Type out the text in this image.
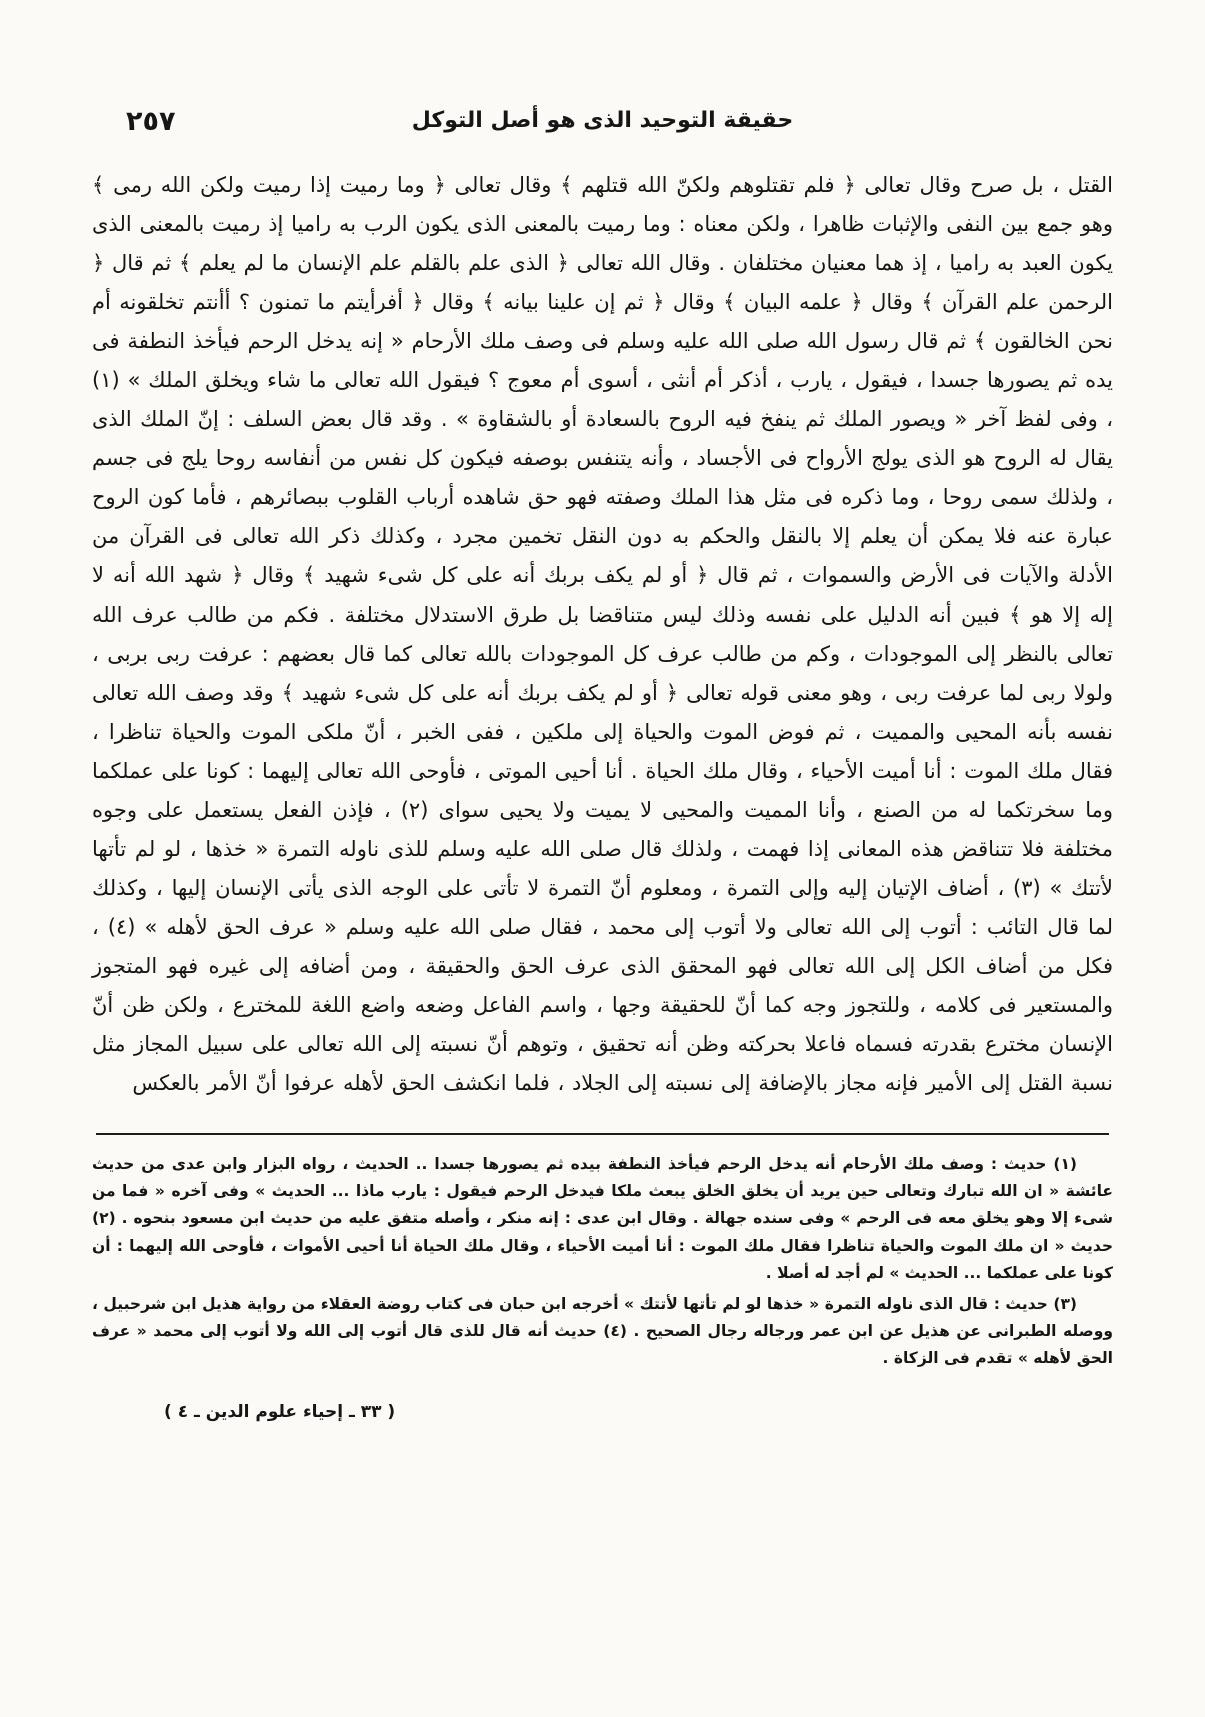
٢٥٧	حقيقة التوحيد الذى هو أصل التوكل
القتل ، بل صرح وقال تعالى ﴿ فلم تقتلوهم ولكنّ الله قتلهم ﴾ وقال تعالى ﴿ وما رميت إذا رميت ولكن الله رمى ﴾ وهو جمع بين النفى والإثبات ظاهرا ، ولكن معناه : وما رميت بالمعنى الذى يكون الرب به راميا إذ رميت بالمعنى الذى يكون العبد به راميا ، إذ هما معنيان مختلفان . وقال الله تعالى ﴿ الذى علم بالقلم علم الإنسان ما لم يعلم ﴾ ثم قال ﴿ الرحمن علم القرآن ﴾ وقال ﴿ علمه البيان ﴾ وقال ﴿ ثم إن علينا بيانه ﴾ وقال ﴿ أفرأيتم ما تمنون ؟ أأنتم تخلقونه أم نحن الخالقون ﴾ ثم قال رسول الله صلى الله عليه وسلم فى وصف ملك الأرحام « إنه يدخل الرحم فيأخذ النطفة فى يده ثم يصورها جسدا ، فيقول ، يارب ، أذكر أم أنثى ، أسوى أم معوج ؟ فيقول الله تعالى ما شاء ويخلق الملك » (١) ، وفى لفظ آخر « ويصور الملك ثم ينفخ فيه الروح بالسعادة أو بالشقاوة » . وقد قال بعض السلف : إنّ الملك الذى يقال له الروح هو الذى يولج الأرواح فى الأجساد ، وأنه يتنفس بوصفه فيكون كل نفس من أنفاسه روحا يلج فى جسم ، ولذلك سمى روحا ، وما ذكره فى مثل هذا الملك وصفته فهو حق شاهده أرباب القلوب ببصائرهم ، فأما كون الروح عبارة عنه فلا يمكن أن يعلم إلا بالنقل والحكم به دون النقل تخمين مجرد ، وكذلك ذكر الله تعالى فى القرآن من الأدلة والآيات فى الأرض والسموات ، ثم قال ﴿ أو لم يكف بربك أنه على كل شىء شهيد ﴾ وقال ﴿ شهد الله أنه لا إله إلا هو ﴾ فبين أنه الدليل على نفسه وذلك ليس متناقضا بل طرق الاستدلال مختلفة . فكم من طالب عرف الله تعالى بالنظر إلى الموجودات ، وكم من طالب عرف كل الموجودات بالله تعالى كما قال بعضهم : عرفت ربى بربى ، ولولا ربى لما عرفت ربى ، وهو معنى قوله تعالى ﴿ أو لم يكف بربك أنه على كل شىء شهيد ﴾ وقد وصف الله تعالى نفسه بأنه المحيى والمميت ، ثم فوض الموت والحياة إلى ملكين ، ففى الخبر ، أنّ ملكى الموت والحياة تناظرا ، فقال ملك الموت : أنا أميت الأحياء ، وقال ملك الحياة . أنا أحيى الموتى ، فأوحى الله تعالى إليهما : كونا على عملكما وما سخرتكما له من الصنع ، وأنا المميت والمحيى لا يميت ولا يحيى سواى (٢) ، فإذن الفعل يستعمل على وجوه مختلفة فلا تتناقض هذه المعانى إذا فهمت ، ولذلك قال صلى الله عليه وسلم للذى ناوله التمرة « خذها ، لو لم تأتها لأتتك » (٣) ، أضاف الإتيان إليه وإلى التمرة ، ومعلوم أنّ التمرة لا تأتى على الوجه الذى يأتى الإنسان إليها ، وكذلك لما قال التائب : أتوب إلى الله تعالى ولا أتوب إلى محمد ، فقال صلى الله عليه وسلم « عرف الحق لأهله » (٤) ، فكل من أضاف الكل إلى الله تعالى فهو المحقق الذى عرف الحق والحقيقة ، ومن أضافه إلى غيره فهو المتجوز والمستعير فى كلامه ، وللتجوز وجه كما أنّ للحقيقة وجها ، واسم الفاعل وضعه واضع اللغة للمخترع ، ولكن ظن أنّ الإنسان مخترع بقدرته فسماه فاعلا بحركته وظن أنه تحقيق ، وتوهم أنّ نسبته إلى الله تعالى على سبيل المجاز مثل نسبة القتل إلى الأمير فإنه مجاز بالإضافة إلى نسبته إلى الجلاد ، فلما انكشف الحق لأهله عرفوا أنّ الأمر بالعكس

(١) حديث : وصف ملك الأرحام أنه يدخل الرحم فيأخذ النطفة بيده ثم يصورها جسدا .. الحديث ، رواه البزار وابن عدى من حديث عائشة « ان الله تبارك وتعالى حين يريد أن يخلق الخلق يبعث ملكا فيدخل الرحم فيقول : يارب ماذا ... الحديث » وفى آخره « فما من شىء إلا وهو يخلق معه فى الرحم » وفى سنده جهالة . وقال ابن عدى : إنه منكر ، وأصله متفق عليه من حديث ابن مسعود بنحوه . (٢) حديث « ان ملك الموت والحياة تناظرا فقال ملك الموت : أنا أميت الأحياء ، وقال ملك الحياة أنا أحيى الأموات ، فأوحى الله إليهما : أن كونا على عملكما ... الحديث » لم أجد له أصلا .

(٣) حديث : قال الذى ناوله التمرة « خذها لو لم تأتها لأتتك » أخرجه ابن حبان فى كتاب روضة العقلاء من رواية هذيل ابن شرحبيل ، ووصله الطبرانى عن هذيل عن ابن عمر ورجاله رجال الصحيح . (٤) حديث أنه قال للذى قال أتوب إلى الله ولا أتوب إلى محمد « عرف الحق لأهله » تقدم فى الزكاة .

( ٣٣ ـ إحياء علوم الدين ـ ٤ )
